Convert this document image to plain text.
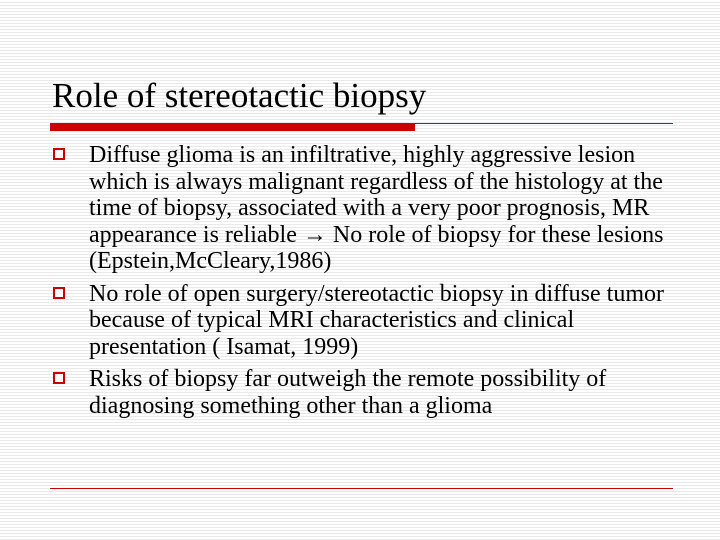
Role of stereotactic biopsy
Diffuse glioma is an infiltrative, highly aggressive lesion which is always malignant regardless of the histology at the time of biopsy, associated with a very poor prognosis, MR appearance is reliable → No role of biopsy for these lesions (Epstein,McCleary,1986)
No role of open surgery/stereotactic biopsy in diffuse tumor because of typical MRI characteristics and clinical presentation ( Isamat, 1999)
Risks of biopsy far outweigh the remote possibility of diagnosing something other than a glioma
